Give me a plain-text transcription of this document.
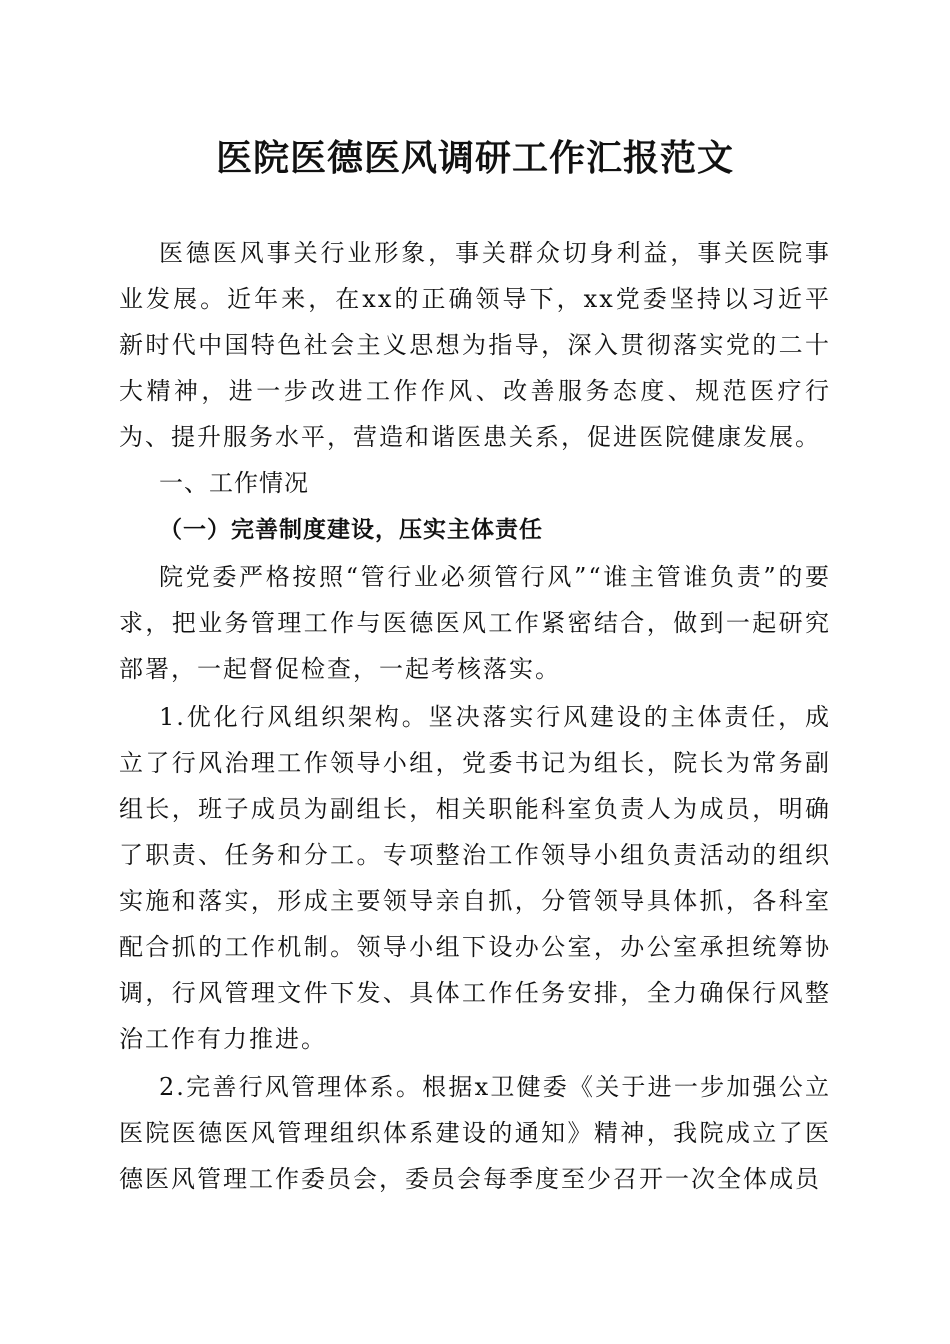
医院医德医风调研工作汇报范文

医德医风事关行业形象，事关群众切身利益，事关医院事业发展。近年来，在xx的正确领导下，xx党委坚持以习近平新时代中国特色社会主义思想为指导，深入贯彻落实党的二十大精神，进一步改进工作作风、改善服务态度、规范医疗行为、提升服务水平，营造和谐医患关系，促进医院健康发展。

一、工作情况

（一）完善制度建设，压实主体责任

院党委严格按照“管行业必须管行风”“谁主管谁负责”的要求，把业务管理工作与医德医风工作紧密结合，做到一起研究部署，一起督促检查，一起考核落实。

1.优化行风组织架构。坚决落实行风建设的主体责任，成立了行风治理工作领导小组，党委书记为组长，院长为常务副组长，班子成员为副组长，相关职能科室负责人为成员，明确了职责、任务和分工。专项整治工作领导小组负责活动的组织实施和落实，形成主要领导亲自抓，分管领导具体抓，各科室配合抓的工作机制。领导小组下设办公室，办公室承担统筹协调，行风管理文件下发、具体工作任务安排，全力确保行风整治工作有力推进。

2.完善行风管理体系。根据x卫健委《关于进一步加强公立医院医德医风管理组织体系建设的通知》精神，我院成立了医德医风管理工作委员会，委员会每季度至少召开一次全体成员
